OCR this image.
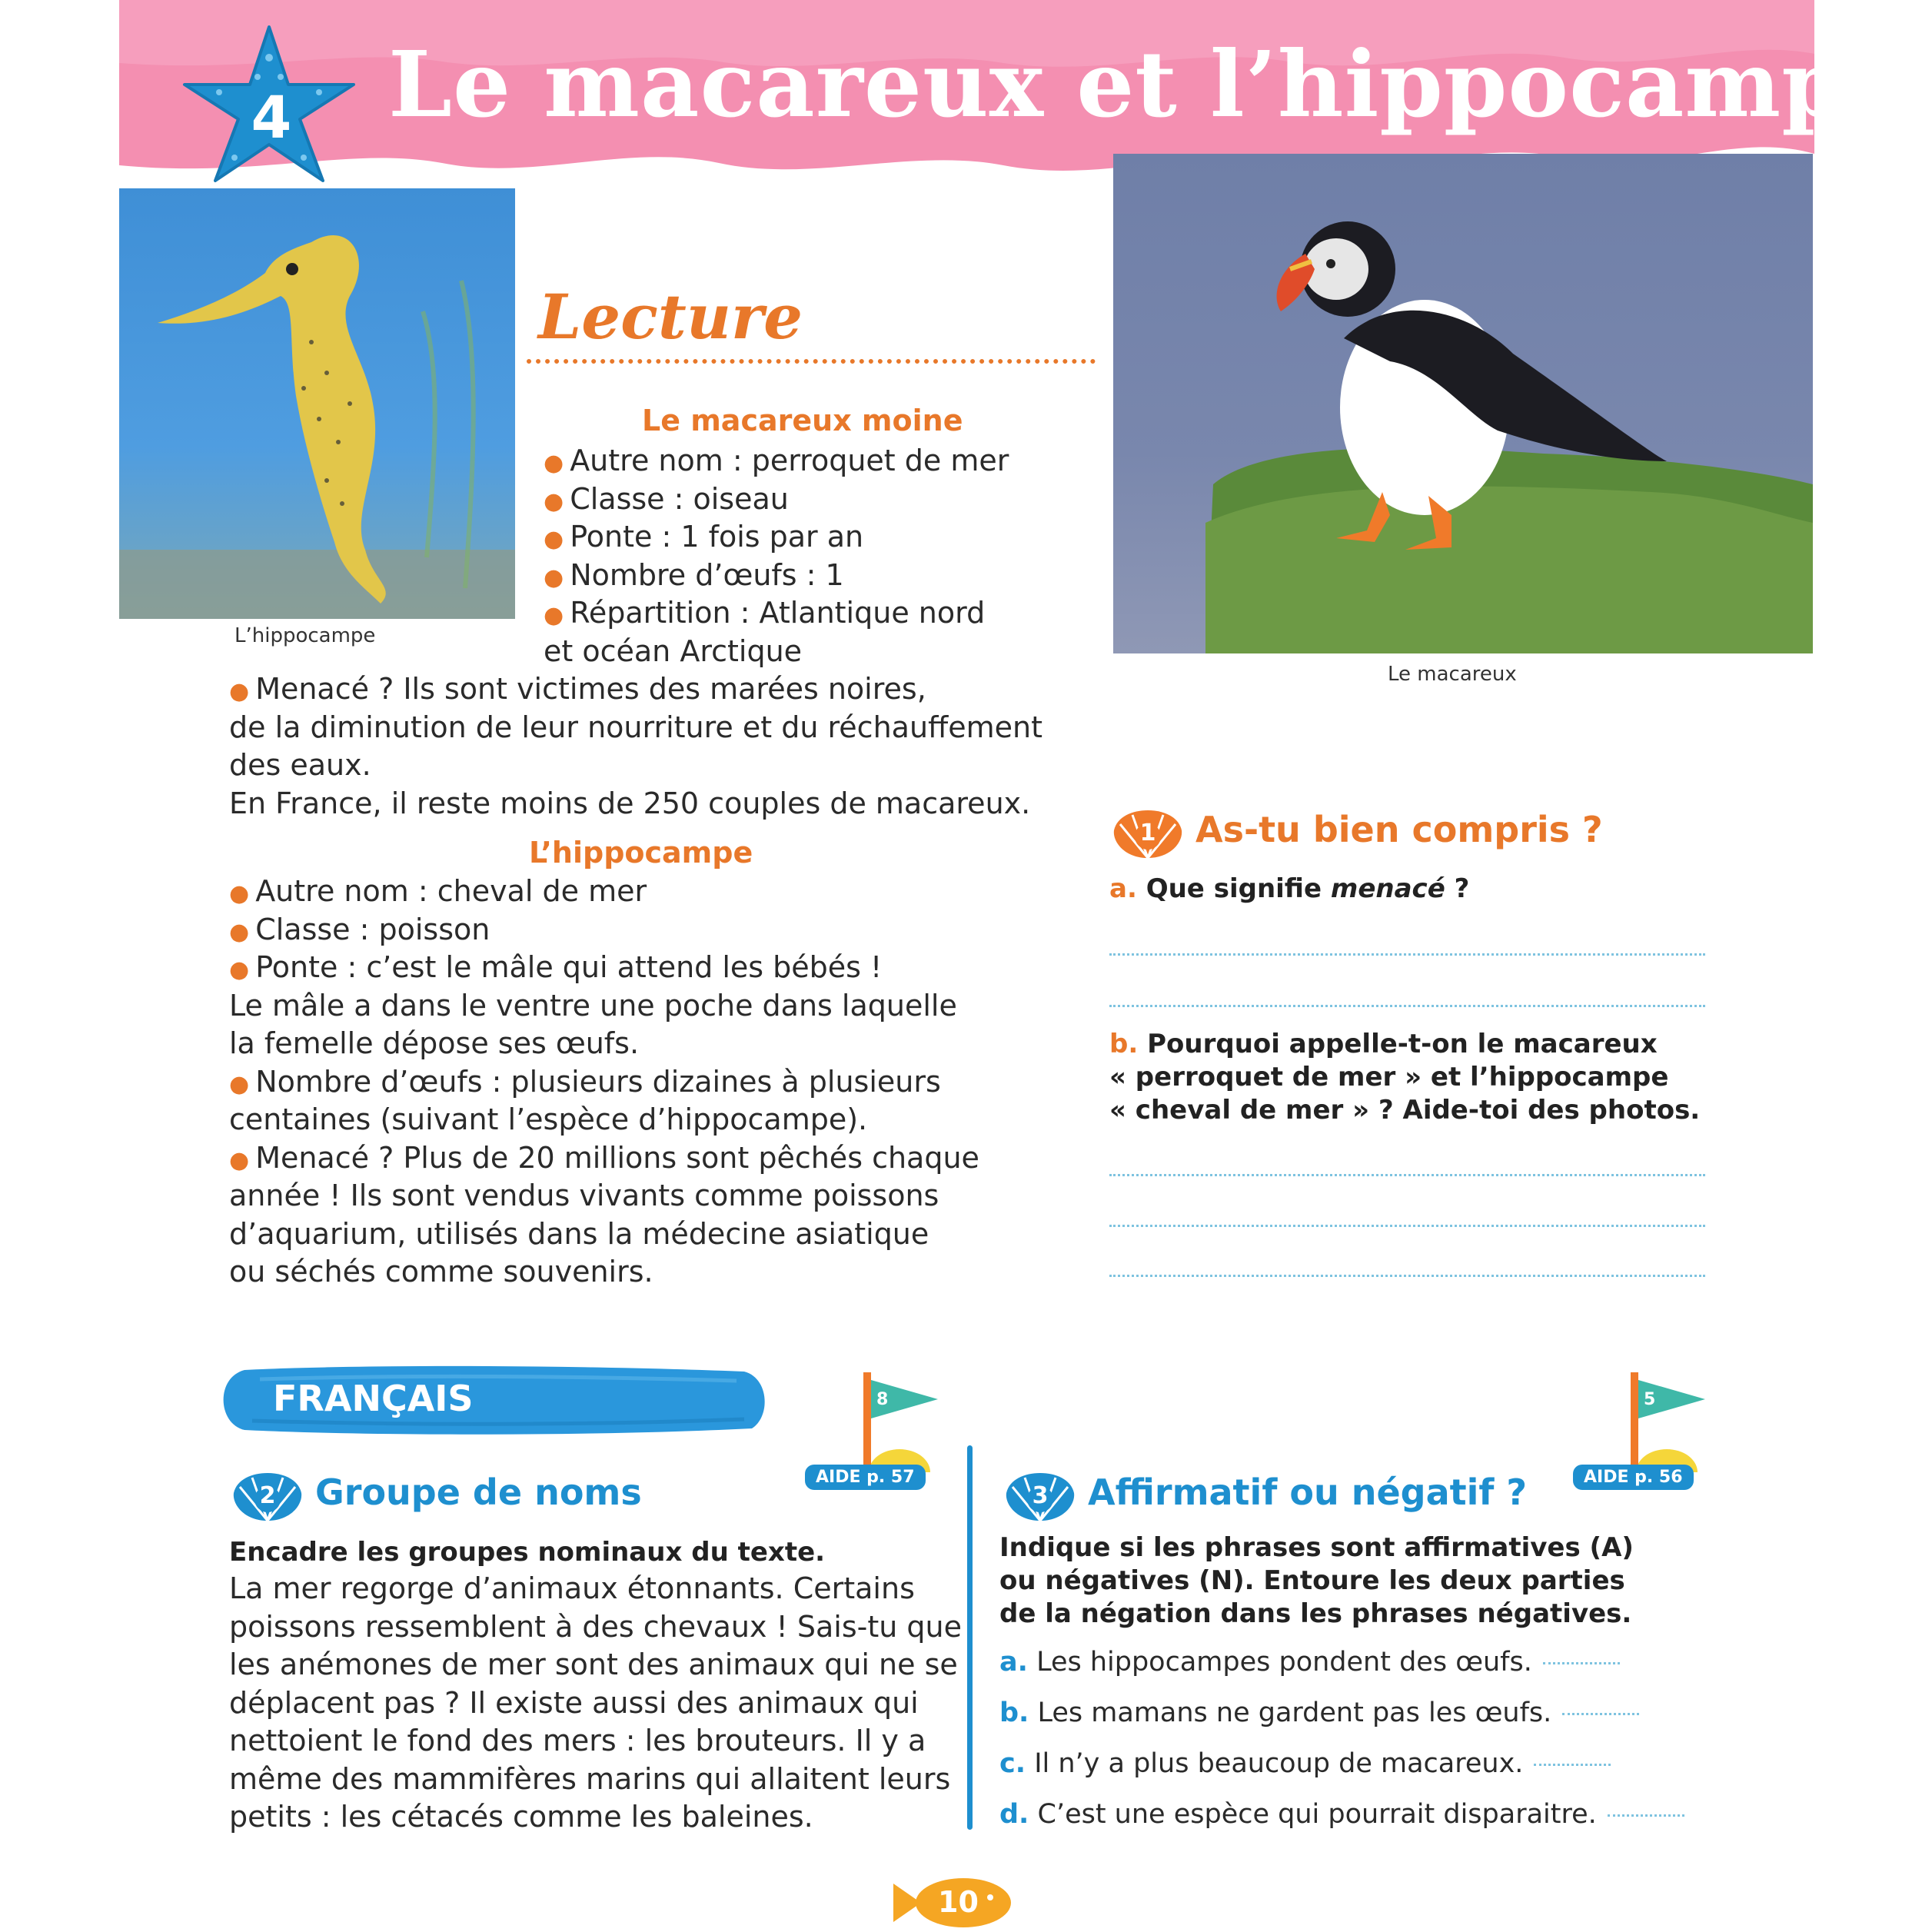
4 Le macareux et l’hippocampe
L’hippocampe
Le macareux
Lecture
Le macareux moine
● Autre nom : perroquet de mer
● Classe : oiseau
● Ponte : 1 fois par an
● Nombre d’œufs : 1
● Répartition : Atlantique nord
et océan Arctique
● Menacé ? Ils sont victimes des marées noires,
de la diminution de leur nourriture et du réchauffement
des eaux.
En France, il reste moins de 250 couples de macareux.
L’hippocampe
● Autre nom : cheval de mer
● Classe : poisson
● Ponte : c’est le mâle qui attend les bébés !
Le mâle a dans le ventre une poche dans laquelle
la femelle dépose ses œufs.
● Nombre d’œufs : plusieurs dizaines à plusieurs
centaines (suivant l’espèce d’hippocampe).
● Menacé ? Plus de 20 millions sont pêchés chaque
année ! Ils sont vendus vivants comme poissons
d’aquarium, utilisés dans la médecine asiatique
ou séchés comme souvenirs.
1 As-tu bien compris ?
a. Que signifie menacé ?
b. Pourquoi appelle-t-on le macareux
« perroquet de mer » et l’hippocampe
« cheval de mer » ? Aide-toi des photos.
FRANÇAIS
2 Groupe de noms
8
AIDE p. 57
Encadre les groupes nominaux du texte.
La mer regorge d’animaux étonnants. Certains
poissons ressemblent à des chevaux ! Sais-tu que
les anémones de mer sont des animaux qui ne se
déplacent pas ? Il existe aussi des animaux qui
nettoient le fond des mers : les brouteurs. Il y a
même des mammifères marins qui allaitent leurs
petits : les cétacés comme les baleines.
3 Affirmatif ou négatif ?
5
AIDE p. 56
Indique si les phrases sont affirmatives (A)
ou négatives (N). Entoure les deux parties
de la négation dans les phrases négatives.
a. Les hippocampes pondent des œufs.
b. Les mamans ne gardent pas les œufs.
c. Il n’y a plus beaucoup de macareux.
d. C’est une espèce qui pourrait disparaitre.
10
